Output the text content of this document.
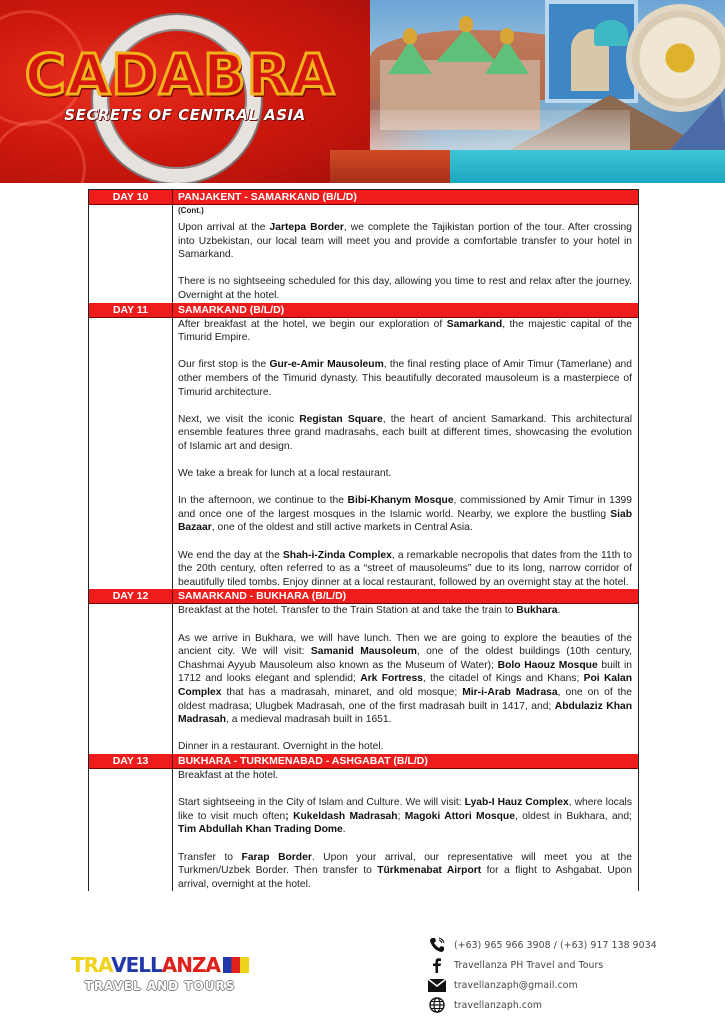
CADABRA
SECRETS OF CENTRAL ASIA
DAY 10	PANJAKENT - SAMARKAND (B/L/D)

(Cont.)

Upon arrival at the Jartepa Border, we complete the Tajikistan portion of the tour. After crossing into Uzbekistan, our local team will meet you and provide a comfortable transfer to your hotel in Samarkand.

There is no sightseeing scheduled for this day, allowing you time to rest and relax after the journey. Overnight at the hotel.

DAY 11	SAMARKAND (B/L/D)

After breakfast at the hotel, we begin our exploration of Samarkand, the majestic capital of the Timurid Empire.

Our first stop is the Gur-e-Amir Mausoleum, the final resting place of Amir Timur (Tamerlane) and other members of the Timurid dynasty. This beautifully decorated mausoleum is a masterpiece of Timurid architecture.

Next, we visit the iconic Registan Square, the heart of ancient Samarkand. This architectural ensemble features three grand madrasahs, each built at different times, showcasing the evolution of Islamic art and design.

We take a break for lunch at a local restaurant.

In the afternoon, we continue to the Bibi-Khanym Mosque, commissioned by Amir Timur in 1399 and once one of the largest mosques in the Islamic world. Nearby, we explore the bustling Siab Bazaar, one of the oldest and still active markets in Central Asia.

We end the day at the Shah-i-Zinda Complex, a remarkable necropolis that dates from the 11th to the 20th century, often referred to as a “street of mausoleums” due to its long, narrow corridor of beautifully tiled tombs. Enjoy dinner at a local restaurant, followed by an overnight stay at the hotel.

DAY 12	SAMARKAND - BUKHARA (B/L/D)

Breakfast at the hotel. Transfer to the Train Station at and take the train to Bukhara.

As we arrive in Bukhara, we will have lunch. Then we are going to explore the beauties of the ancient city. We will visit: Samanid Mausoleum, one of the oldest buildings (10th century, Chashmai Ayyub Mausoleum also known as the Museum of Water); Bolo Haouz Mosque built in 1712 and looks elegant and splendid; Ark Fortress, the citadel of Kings and Khans; Poi Kalan Complex that has a madrasah, minaret, and old mosque; Mir-i-Arab Madrasa, one on of the oldest madrasa; Ulugbek Madrasah, one of the first madrasah built in 1417, and; Abdulaziz Khan Madrasah, a medieval madrasah built in 1651.

Dinner in a restaurant. Overnight in the hotel.

DAY 13	BUKHARA - TURKMENABAD - ASHGABAT (B/L/D)

Breakfast at the hotel.

Start sightseeing in the City of Islam and Culture. We will visit: Lyab-I Hauz Complex, where locals like to visit much often; Kukeldash Madrasah; Magoki Attori Mosque, oldest in Bukhara, and; Tim Abdullah Khan Trading Dome.

Transfer to Farap Border. Upon your arrival, our representative will meet you at the Turkmen/Uzbek Border. Then transfer to Türkmenabat Airport for a flight to Ashgabat. Upon arrival, overnight at the hotel.

TRAVELLANZA
TRAVEL AND TOURS
(+63) 965 966 3908 / (+63) 917 138 9034
Travellanza PH Travel and Tours
travellanzaph@gmail.com
travellanzaph.com
